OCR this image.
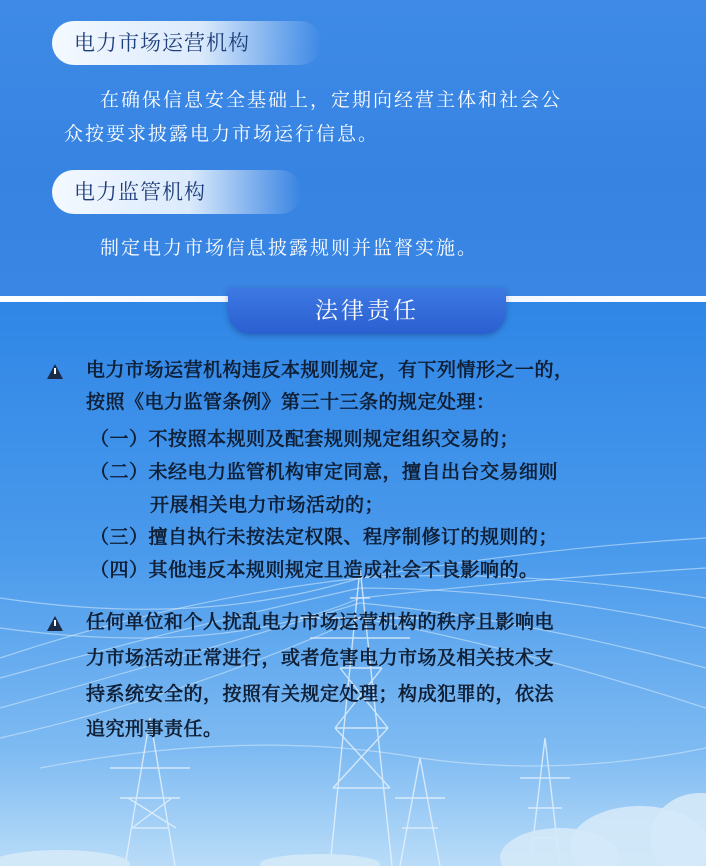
电力市场运营机构
在确保信息安全基础上，定期向经营主体和社会公
众按要求披露电力市场运行信息。
电力监管机构
制定电力市场信息披露规则并监督实施。
法律责任
电力市场运营机构违反本规则规定，有下列情形之一的，
按照《电力监管条例》第三十三条的规定处理：
（一）不按照本规则及配套规则规定组织交易的；
（二）未经电力监管机构审定同意，擅自出台交易细则
开展相关电力市场活动的；
（三）擅自执行未按法定权限、程序制修订的规则的；
（四）其他违反本规则规定且造成社会不良影响的。
任何单位和个人扰乱电力市场运营机构的秩序且影响电
力市场活动正常进行，或者危害电力市场及相关技术支
持系统安全的，按照有关规定处理；构成犯罪的，依法
追究刑事责任。
